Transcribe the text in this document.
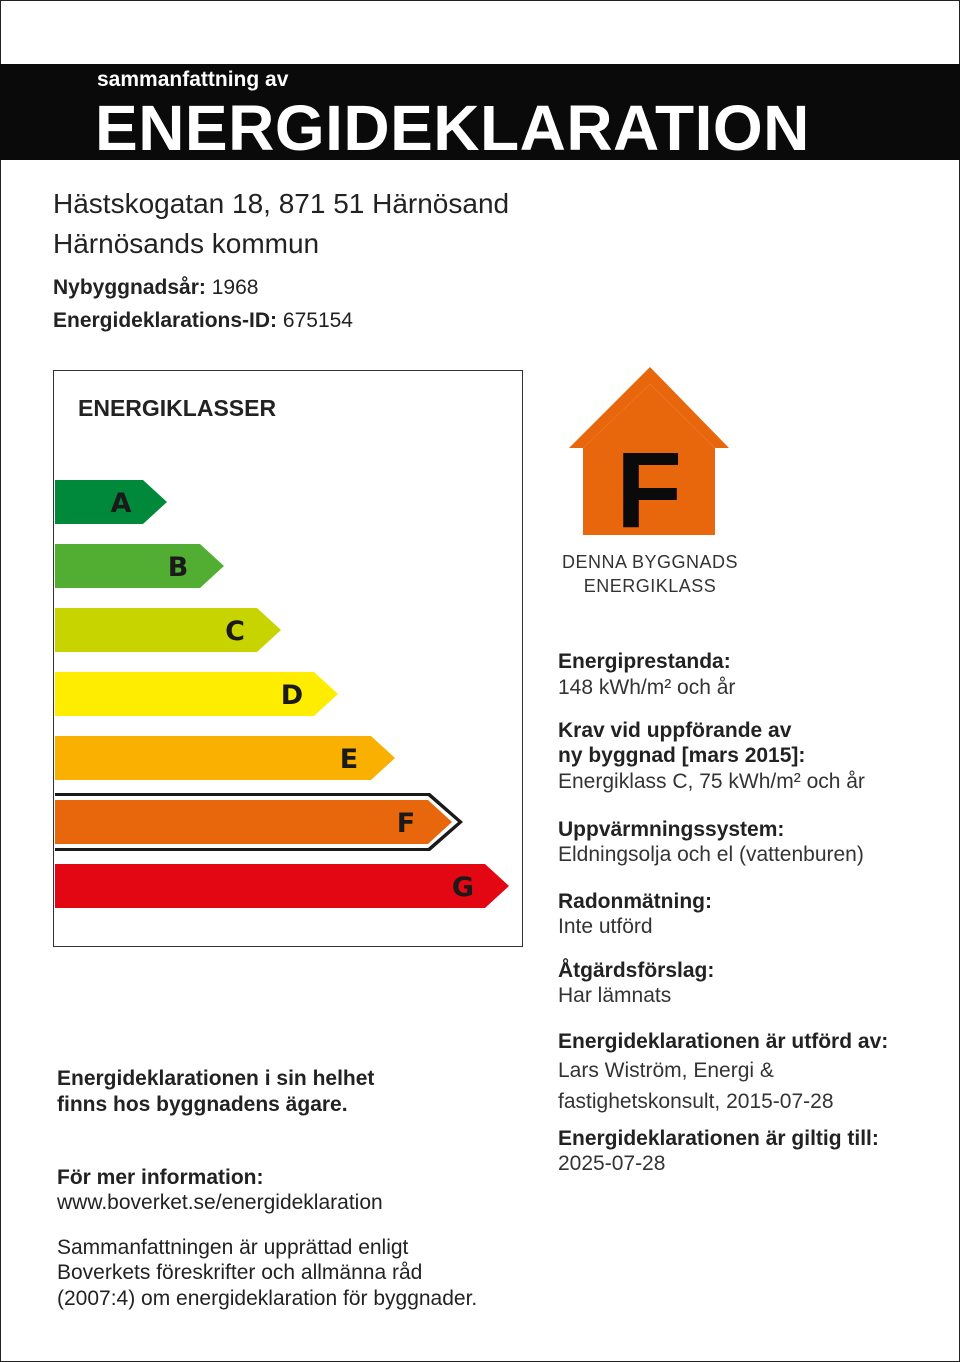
sammanfattning av
ENERGIDEKLARATION
Hästskogatan 18, 871 51 Härnösand
Härnösands kommun
Nybyggnadsår: 1968
Energideklarations-ID: 675154
ENERGIKLASSER
A
B
C
D
E
F
G
F
DENNA BYGGNADS
ENERGIKLASS
Energiprestanda:
148 kWh/m² och år
Krav vid uppförande av
ny byggnad [mars 2015]:
Energiklass C, 75 kWh/m² och år
Uppvärmningssystem:
Eldningsolja och el (vattenburen)
Radonmätning:
Inte utförd
Åtgärdsförslag:
Har lämnats
Energideklarationen är utförd av:
Lars Wiström, Energi &
fastighetskonsult, 2015-07-28
Energideklarationen är giltig till:
2025-07-28
Energideklarationen i sin helhet
finns hos byggnadens ägare.
För mer information:
www.boverket.se/energideklaration
Sammanfattningen är upprättad enligt
Boverkets föreskrifter och allmänna råd
(2007:4) om energideklaration för byggnader.
